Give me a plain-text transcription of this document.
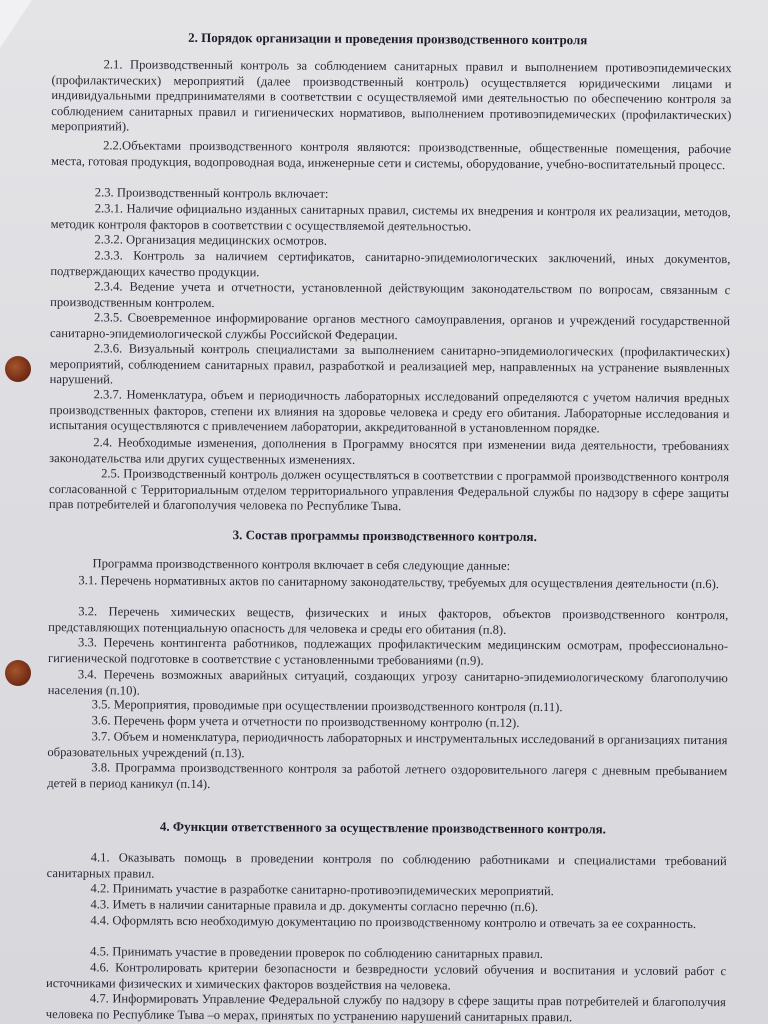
2. Порядок организации и проведения производственного контроля
2.1. Производственный контроль за соблюдением санитарных правил и выполнением противоэпидемических (профилактических) мероприятий (далее производственный контроль) осуществляется юридическими лицами и индивидуальными предпринимателями в соответствии с осуществляемой ими деятельностью по обеспечению контроля за соблюдением санитарных правил и гигиенических нормативов, выполнением противоэпидемических (профилактических) мероприятий).
2.2.Объектами производственного контроля являются: производственные, общественные помещения, рабочие места, готовая продукция, водопроводная вода, инженерные сети и системы, оборудование, учебно-воспитательный процесс.
2.3. Производственный контроль включает:
2.3.1. Наличие официально изданных санитарных правил, системы их внедрения и контроля их реализации, методов, методик контроля факторов в соответствии с осуществляемой деятельностью.
2.3.2. Организация медицинских осмотров.
2.3.3. Контроль за наличием сертификатов, санитарно-эпидемиологических заключений, иных документов, подтверждающих качество продукции.
2.3.4. Ведение учета и отчетности, установленной действующим законодательством по вопросам, связанным с производственным контролем.
2.3.5. Своевременное информирование органов местного самоуправления, органов и учреждений государственной санитарно-эпидемиологической службы Российской Федерации.
2.3.6. Визуальный контроль специалистами за выполнением санитарно-эпидемиологических (профилактических) мероприятий, соблюдением санитарных правил, разработкой и реализацией мер, направленных на устранение выявленных нарушений.
2.3.7. Номенклатура, объем и периодичность лабораторных исследований определяются с учетом наличия вредных производственных факторов, степени их влияния на здоровье человека и среду его обитания. Лабораторные исследования и испытания осуществляются с привлечением лаборатории, аккредитованной в установленном порядке.
2.4. Необходимые изменения, дополнения в Программу вносятся при изменении вида деятельности, требованиях законодательства или других существенных изменениях.
2.5. Производственный контроль должен осуществляться в соответствии с программой производственного контроля согласованной с Территориальным отделом территориального управления Федеральной службы по надзору в сфере защиты прав потребителей и благополучия человека по Республике Тыва.
3. Состав программы производственного контроля.
Программа производственного контроля включает в себя следующие данные:
3.1. Перечень нормативных актов по санитарному законодательству, требуемых для осуществления деятельности (п.6).
3.2. Перечень химических веществ, физических и иных факторов, объектов производственного контроля, представляющих потенциальную опасность для человека и среды его обитания (п.8).
3.3. Перечень контингента работников, подлежащих профилактическим медицинским осмотрам, профессионально-гигиенической подготовке в соответствие с установленными требованиями (п.9).
3.4. Перечень возможных аварийных ситуаций, создающих угрозу санитарно-эпидемиологическому благополучию населения (п.10).
3.5. Мероприятия, проводимые при осуществлении производственного контроля (п.11).
3.6. Перечень форм учета и отчетности по производственному контролю (п.12).
3.7. Объем и номенклатура, периодичность лабораторных и инструментальных исследований в организациях питания образовательных учреждений (п.13).
3.8. Программа производственного контроля за работой летнего оздоровительного лагеря с дневным пребыванием детей в период каникул (п.14).
4. Функции ответственного за осуществление производственного контроля.
4.1. Оказывать помощь в проведении контроля по соблюдению работниками и специалистами требований санитарных правил.
4.2. Принимать участие в разработке санитарно-противоэпидемических мероприятий.
4.3. Иметь в наличии санитарные правила и др. документы согласно перечню (п.6).
4.4. Оформлять всю необходимую документацию по производственному контролю и отвечать за ее сохранность.
4.5. Принимать участие в проведении проверок по соблюдению санитарных правил.
4.6. Контролировать критерии безопасности и безвредности условий обучения и воспитания и условий работ с источниками физических и химических факторов воздействия на человека.
4.7. Информировать Управление Федеральной службу по надзору в сфере защиты прав потребителей и благополучия человека по Республике Тыва –о мерах, принятых по устранению нарушений санитарных правил.
